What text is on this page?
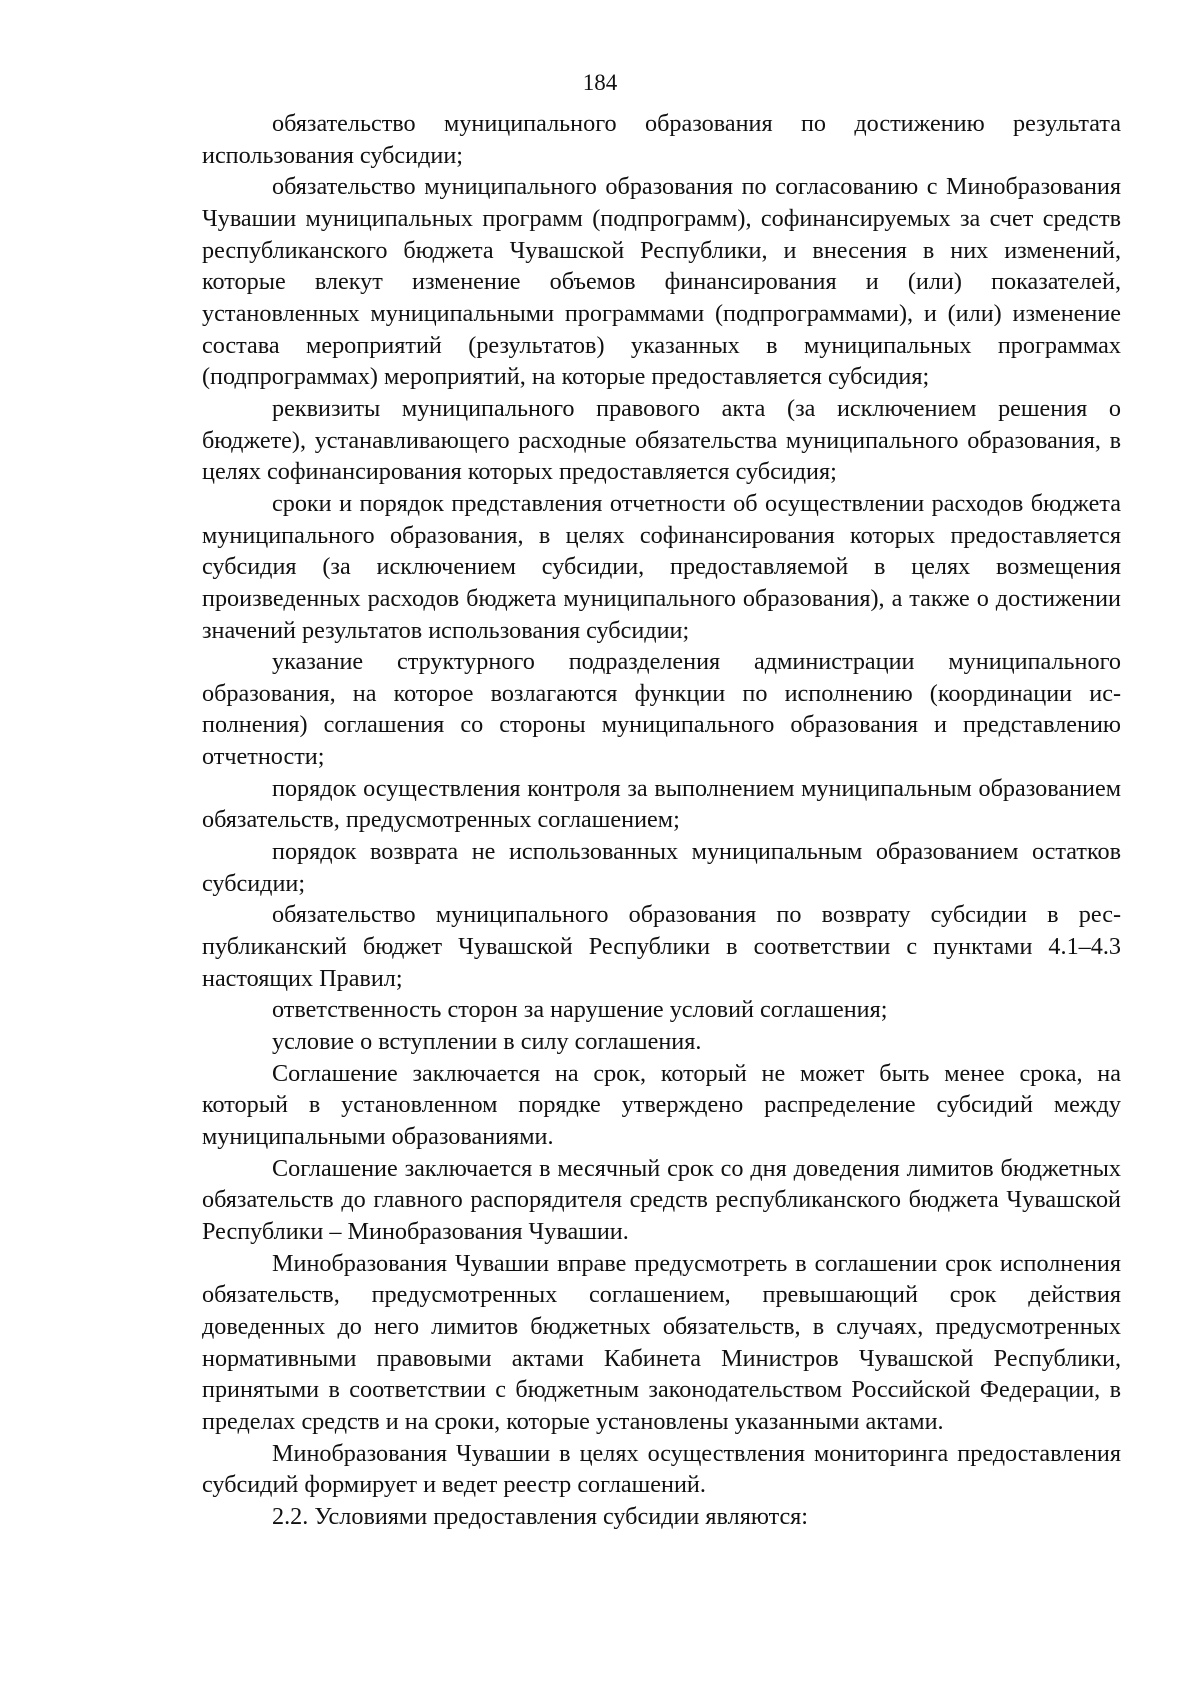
184

обязательство муниципального образования по достижению результата использования субсидии;

обязательство муниципального образования по согласованию с Минобразования Чувашии муниципальных программ (подпрограмм), софинансируемых за счет средств республиканского бюджета Чувашской Республики, и внесения в них изменений, которые влекут изменение объемов финансирования и (или) показателей, установленных муниципальными программами (подпрограммами), и (или) изменение состава мероприятий (результатов) указанных в муниципальных программах (подпрограммах) мероприятий, на которые предоставляется субсидия;

реквизиты муниципального правового акта (за исключением решения о бюджете), устанавливающего расходные обязательства муниципального образования, в целях софинансирования которых предоставляется субсидия;

сроки и порядок представления отчетности об осуществлении расходов бюджета муниципального образования, в целях софинансирования которых предоставляется субсидия (за исключением субсидии, предоставляемой в целях возмещения произведенных расходов бюджета муниципального образования), а также о достижении значений результатов использования субсидии;

указание структурного подразделения администрации муниципального образования, на которое возлагаются функции по исполнению (координации исполнения) соглашения со стороны муниципального образования и представлению отчетности;

порядок осуществления контроля за выполнением муниципальным образованием обязательств, предусмотренных соглашением;

порядок возврата не использованных муниципальным образованием остатков субсидии;

обязательство муниципального образования по возврату субсидии в республиканский бюджет Чувашской Республики в соответствии с пунктами 4.1–4.3 настоящих Правил;

ответственность сторон за нарушение условий соглашения;

условие о вступлении в силу соглашения.

Соглашение заключается на срок, который не может быть менее срока, на который в установленном порядке утверждено распределение субсидий между муниципальными образованиями.

Соглашение заключается в месячный срок со дня доведения лимитов бюджетных обязательств до главного распорядителя средств республиканского бюджета Чувашской Республики – Минобразования Чувашии.

Минобразования Чувашии вправе предусмотреть в соглашении срок исполнения обязательств, предусмотренных соглашением, превышающий срок действия доведенных до него лимитов бюджетных обязательств, в случаях, предусмотренных нормативными правовыми актами Кабинета Министров Чувашской Республики, принятыми в соответствии с бюджетным законодательством Российской Федерации, в пределах средств и на сроки, которые установлены указанными актами.

Минобразования Чувашии в целях осуществления мониторинга предоставления субсидий формирует и ведет реестр соглашений.

2.2. Условиями предоставления субсидии являются:
